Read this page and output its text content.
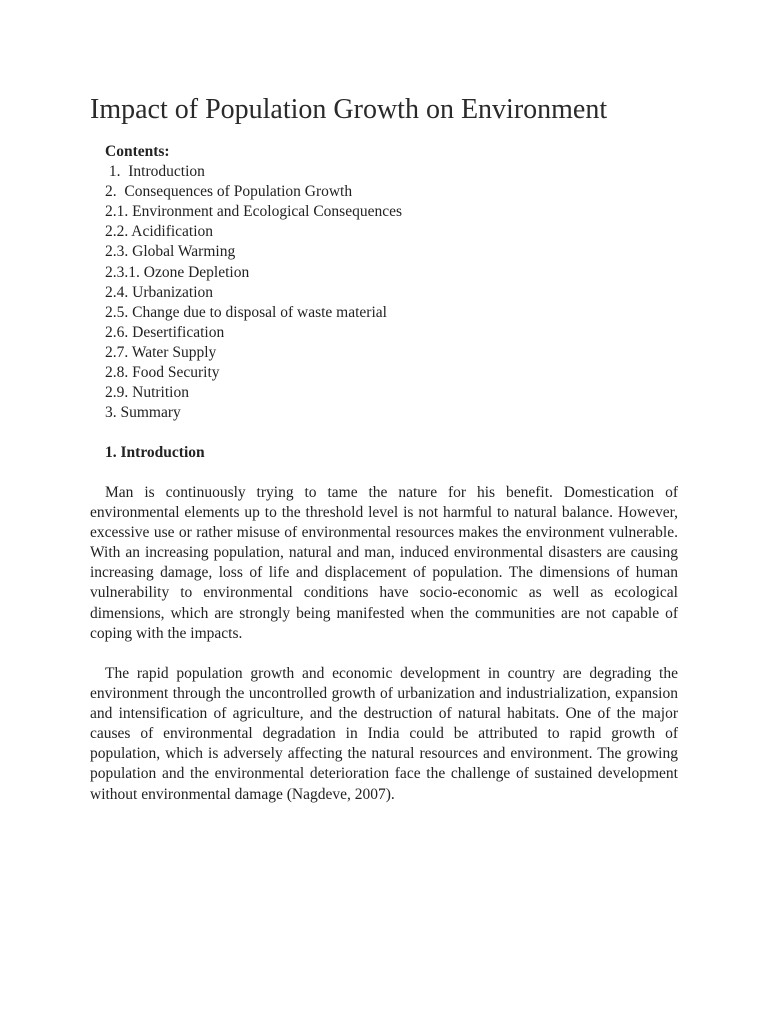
Impact of Population Growth on Environment

Contents:

1.  Introduction
2.  Consequences of Population Growth
2.1. Environment and Ecological Consequences
2.2. Acidification
2.3. Global Warming
2.3.1. Ozone Depletion
2.4. Urbanization
2.5. Change due to disposal of waste material
2.6. Desertification
2.7. Water Supply
2.8. Food Security
2.9. Nutrition
3. Summary
1. Introduction

Man is continuously trying to tame the nature for his benefit. Domestication of environmental elements up to the threshold level is not harmful to natural balance. However, excessive use or rather misuse of environmental resources makes the environment vulnerable. With an increasing population, natural and man, induced environmental disasters are causing increasing damage, loss of life and displacement of population. The dimensions of human vulnerability to environmental conditions have socio-economic as well as ecological dimensions, which are strongly being manifested when the communities are not capable of coping with the impacts.

The rapid population growth and economic development in country are degrading the environment through the uncontrolled growth of urbanization and industrialization, expansion and intensification of agriculture, and the destruction of natural habitats. One of the major causes of environmental degradation in India could be attributed to rapid growth of population, which is adversely affecting the natural resources and environment. The growing population and the environmental deterioration face the challenge of sustained development without environmental damage (Nagdeve, 2007).
